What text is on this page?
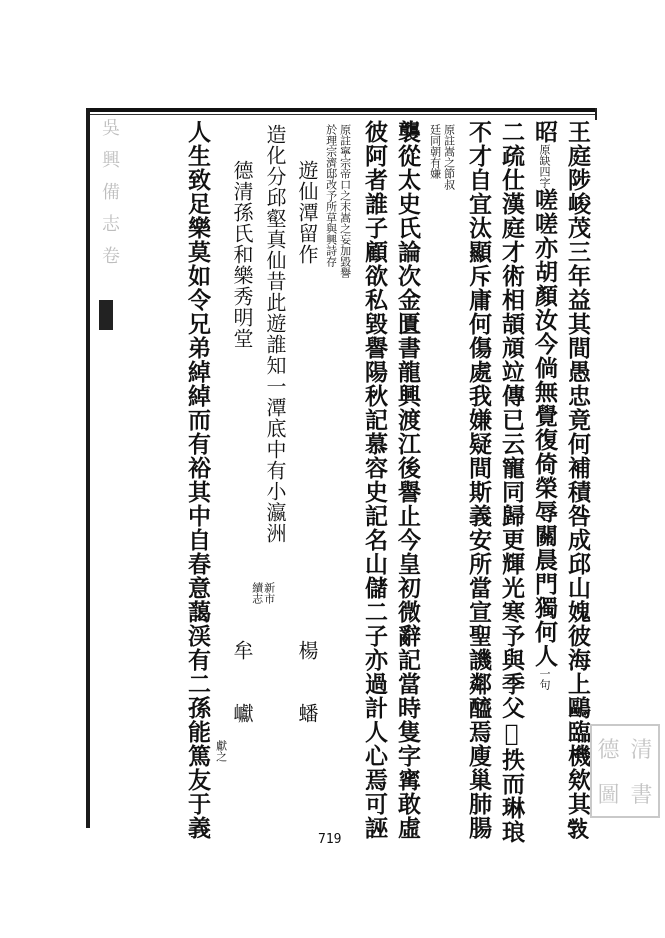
吳興備志卷	王庭陟峻茂三年益其間愚忠竟何補積咎成邱山媿彼海上鷗臨機欸其𢽾
昭原缺四字嗟嗟亦胡顏汝今倘無覺復倚榮辱關晨門獨何人一句
二疏仕漢庭才術相頡頏竝傳已云寵同歸更輝光寒予與季父𢧐抶而琳琅
不才自宜汰顯斥庸何傷處我嫌疑間斯義安所當宣聖譏鄰醯焉廋巢肺腸
原註嵩之節叔
廷同朝有嫌
襲從太史氏論次金匱書龍興渡江後譽止今皇初微辭記當時隻字寗敢虛
彼阿者誰子顧欲私毀譽陽秋記慕容史記名山儲二子亦過計人心焉可誣
原註寧宗帝口之末嵩之妄加毀譽
於理宗濟邸改予所草與興詩存
遊仙潭留作
楊　　蟠
造化分邱壑真仙昔此遊誰知一潭底中有小瀛洲
新市
續志
德清孫氏和樂秀明堂
牟　　巘
獻之
人生致足樂莫如令兄弟綽綽而有裕其中自春意藹渓有二孫能篤友于義	719
德 清
圖 書
